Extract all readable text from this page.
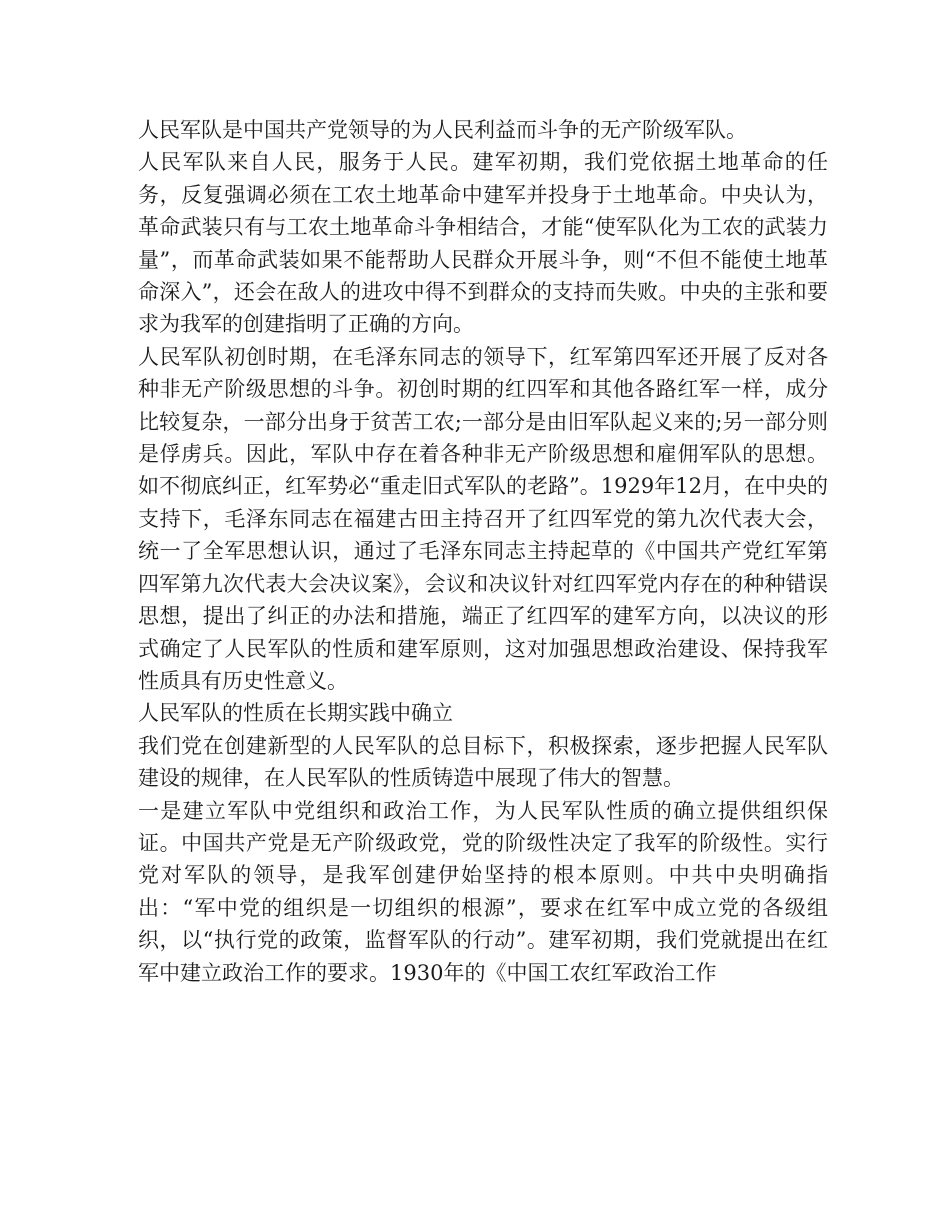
人民军队是中国共产党领导的为人民利益而斗争的无产阶级军队。

人民军队来自人民，服务于人民。建军初期，我们党依据土地革命的任务，反复强调必须在工农土地革命中建军并投身于土地革命。中央认为，革命武装只有与工农土地革命斗争相结合，才能“使军队化为工农的武装力量”，而革命武装如果不能帮助人民群众开展斗争，则“不但不能使土地革命深入”，还会在敌人的进攻中得不到群众的支持而失败。中央的主张和要求为我军的创建指明了正确的方向。

人民军队初创时期，在毛泽东同志的领导下，红军第四军还开展了反对各种非无产阶级思想的斗争。初创时期的红四军和其他各路红军一样，成分比较复杂，一部分出身于贫苦工农;一部分是由旧军队起义来的;另一部分则是俘虏兵。因此，军队中存在着各种非无产阶级思想和雇佣军队的思想。如不彻底纠正，红军势必“重走旧式军队的老路”。1929年12月，在中央的支持下，毛泽东同志在福建古田主持召开了红四军党的第九次代表大会，统一了全军思想认识，通过了毛泽东同志主持起草的《中国共产党红军第四军第九次代表大会决议案》，会议和决议针对红四军党内存在的种种错误思想，提出了纠正的办法和措施，端正了红四军的建军方向，以决议的形式确定了人民军队的性质和建军原则，这对加强思想政治建设、保持我军性质具有历史性意义。

人民军队的性质在长期实践中确立

我们党在创建新型的人民军队的总目标下，积极探索，逐步把握人民军队建设的规律，在人民军队的性质铸造中展现了伟大的智慧。

一是建立军队中党组织和政治工作，为人民军队性质的确立提供组织保证。中国共产党是无产阶级政党，党的阶级性决定了我军的阶级性。实行党对军队的领导，是我军创建伊始坚持的根本原则。中共中央明确指出：“军中党的组织是一切组织的根源”，要求在红军中成立党的各级组织，以“执行党的政策，监督军队的行动”。建军初期，我们党就提出在红军中建立政治工作的要求。1930年的《中国工农红军政治工作
